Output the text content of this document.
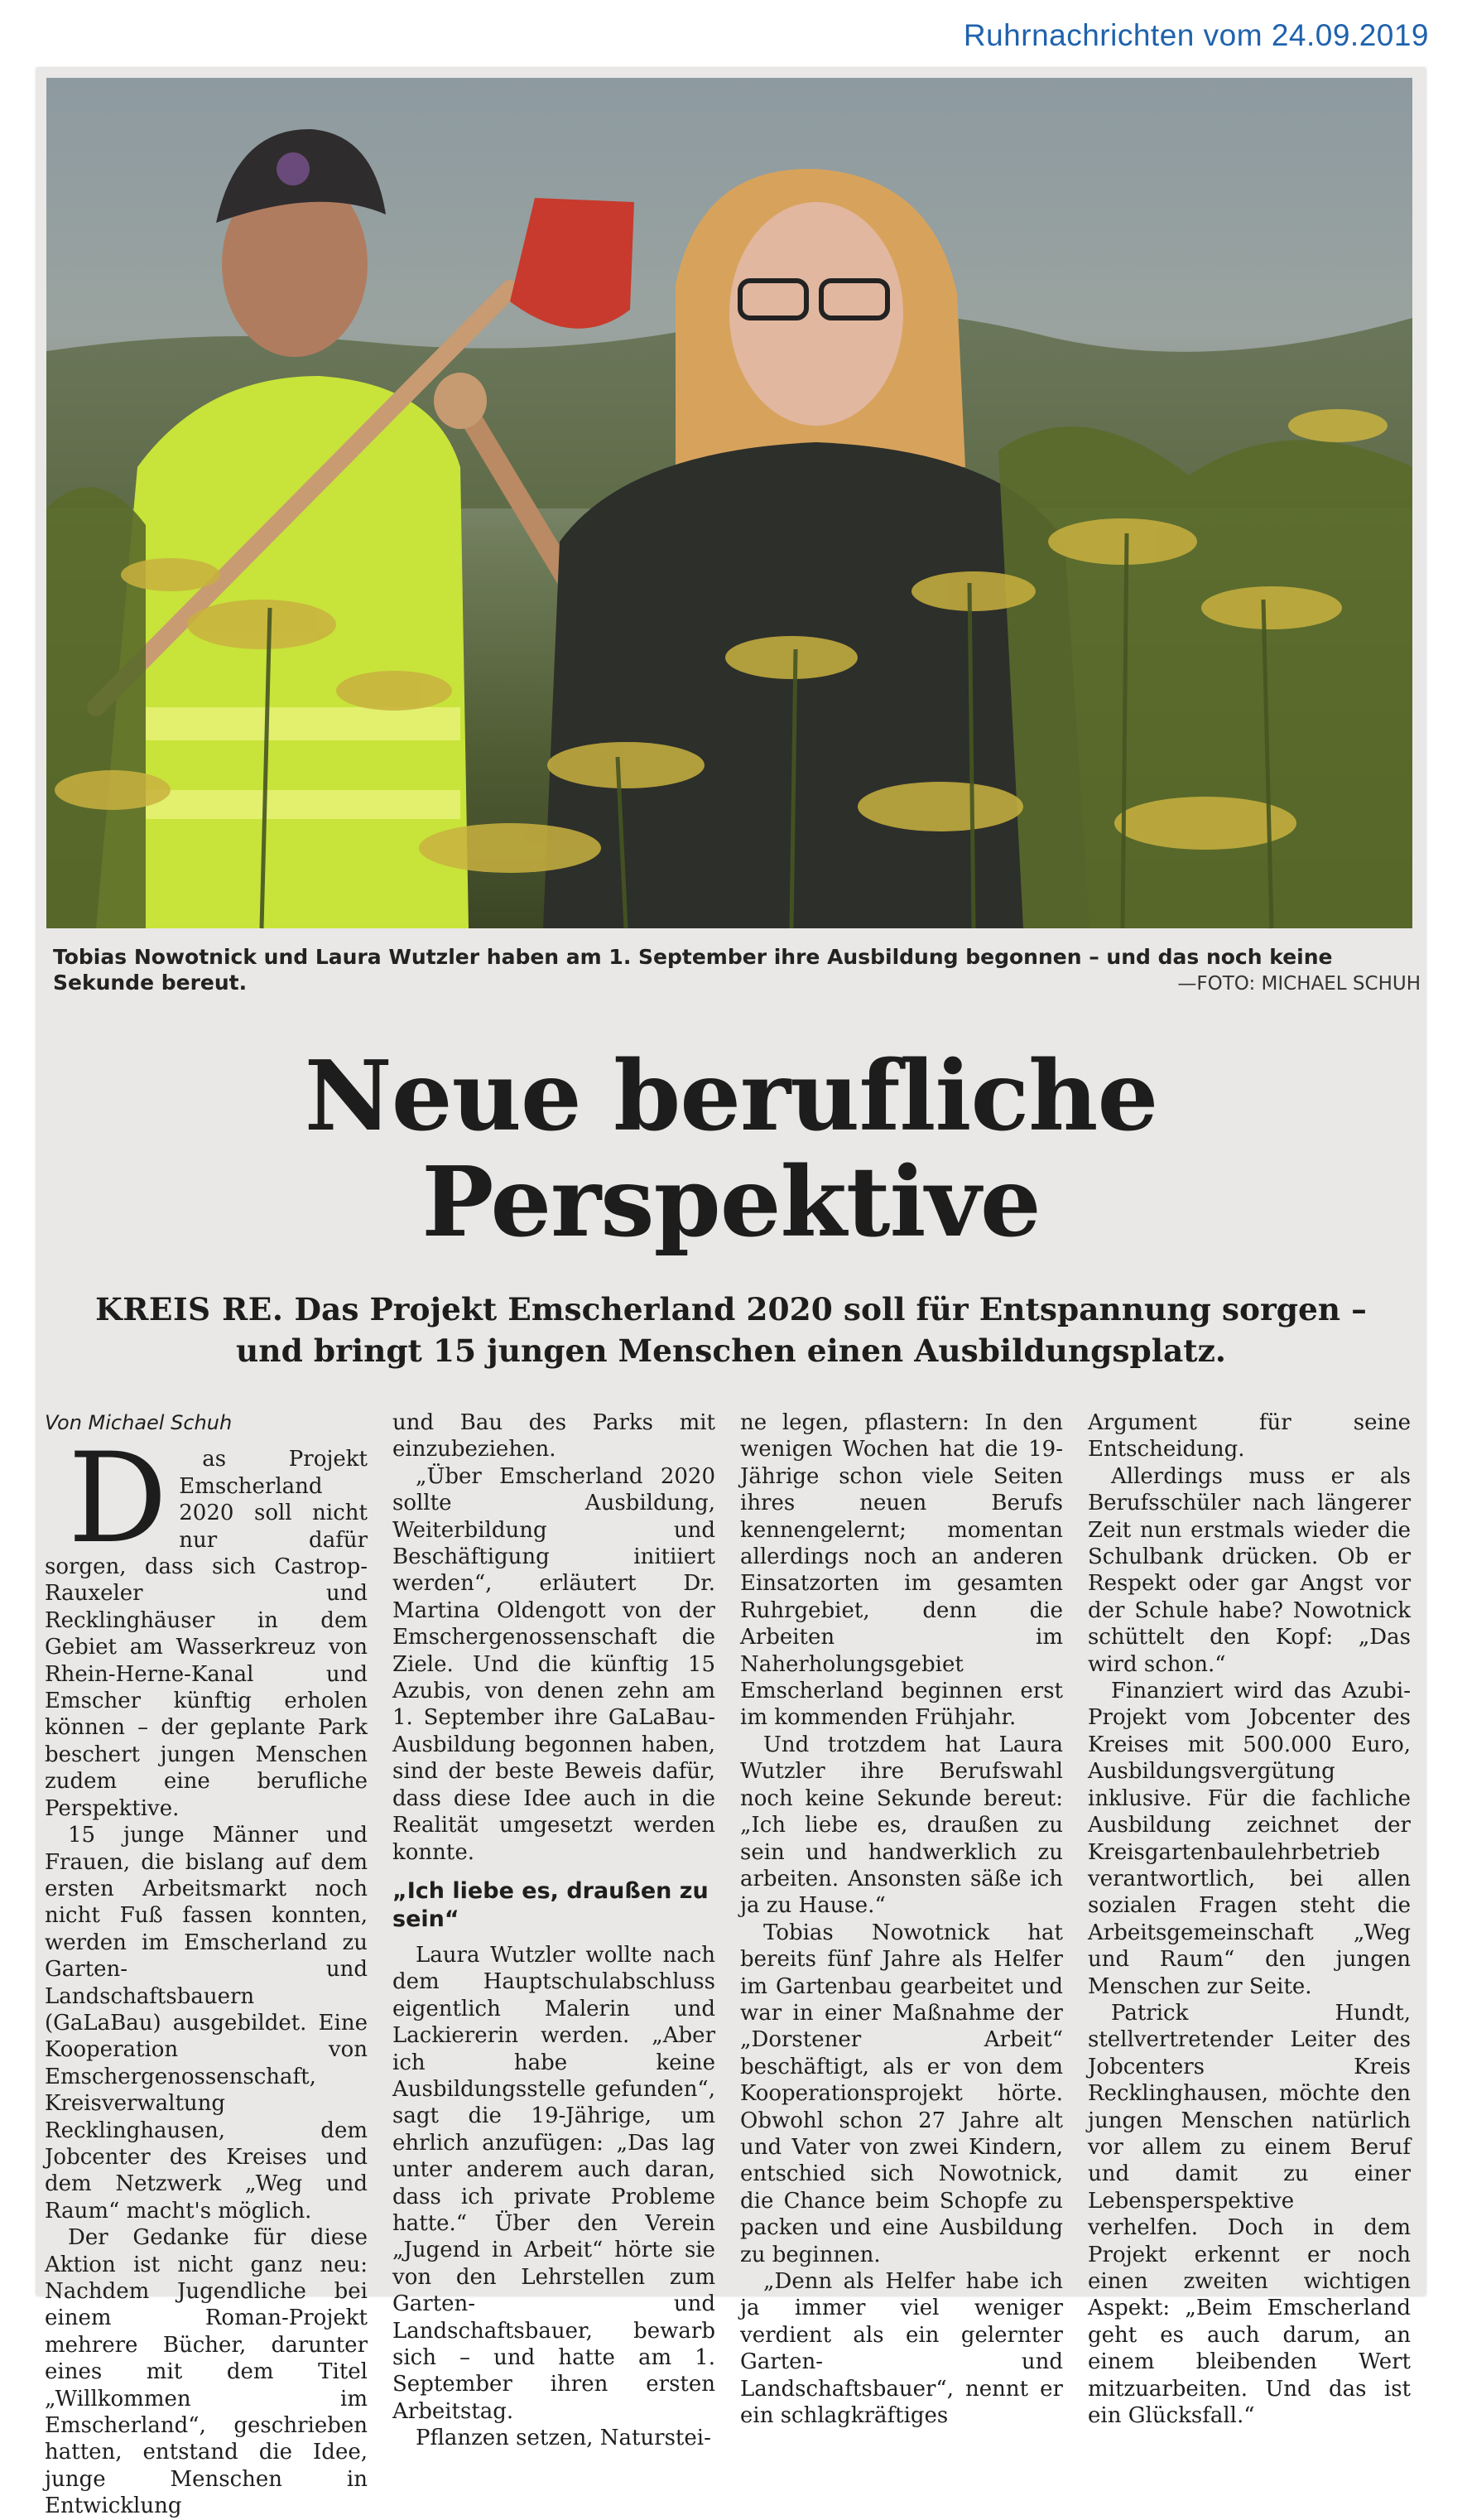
Ruhrnachrichten vom 24.09.2019
Tobias Nowotnick und Laura Wutzler haben am 1. September ihre Ausbildung begonnen – und das noch keine Sekunde bereut.	—FOTO: MICHAEL SCHUH
Neue berufliche
Perspektive
KREIS RE. Das Projekt Emscherland 2020 soll für Entspannung sorgen –
und bringt 15 jungen Menschen einen Ausbildungsplatz.

Von Michael Schuh

D as Projekt Emscherland 2020 soll nicht nur dafür sorgen, dass sich Castrop-Rauxeler und Recklinghäuser in dem Gebiet am Wasserkreuz von Rhein-Herne-Kanal und Emscher künftig erholen können – der geplante Park beschert jungen Menschen zudem eine berufliche Perspektive.

15 junge Männer und Frauen, die bislang auf dem ersten Arbeitsmarkt noch nicht Fuß fassen konnten, werden im Emscherland zu Garten- und Landschaftsbauern (GaLaBau) ausgebildet. Eine Kooperation von Emschergenossenschaft, Kreisverwaltung Recklinghausen, dem Jobcenter des Kreises und dem Netzwerk „Weg und Raum“ macht's möglich.

Der Gedanke für diese Aktion ist nicht ganz neu: Nachdem Jugendliche bei einem Roman-Projekt mehrere Bücher, darunter eines mit dem Titel „Willkommen im Emscherland“, geschrieben hatten, entstand die Idee, junge Menschen in Entwicklung

und Bau des Parks mit einzubeziehen.

„Über Emscherland 2020 sollte Ausbildung, Weiterbildung und Beschäftigung initiiert werden“, erläutert Dr. Martina Oldengott von der Emschergenossenschaft die Ziele. Und die künftig 15 Azubis, von denen zehn am 1. September ihre GaLaBau-Ausbildung begonnen haben, sind der beste Beweis dafür, dass diese Idee auch in die Realität umgesetzt werden konnte.

„Ich liebe es, draußen zu sein“

Laura Wutzler wollte nach dem Hauptschulabschluss eigentlich Malerin und Lackiererin werden. „Aber ich habe keine Ausbildungsstelle gefunden“, sagt die 19-Jährige, um ehrlich anzufügen: „Das lag unter anderem auch daran, dass ich private Probleme hatte.“ Über den Verein „Jugend in Arbeit“ hörte sie von den Lehrstellen zum Garten- und Landschaftsbauer, bewarb sich – und hatte am 1. September ihren ersten Arbeitstag.

Pflanzen setzen, Naturstei-

ne legen, pflastern: In den wenigen Wochen hat die 19-Jährige schon viele Seiten ihres neuen Berufs kennengelernt; momentan allerdings noch an anderen Einsatzorten im gesamten Ruhrgebiet, denn die Arbeiten im Naherholungsgebiet Emscherland beginnen erst im kommenden Frühjahr.

Und trotzdem hat Laura Wutzler ihre Berufswahl noch keine Sekunde bereut: „Ich liebe es, draußen zu sein und handwerklich zu arbeiten. Ansonsten säße ich ja zu Hause.“

Tobias Nowotnick hat bereits fünf Jahre als Helfer im Gartenbau gearbeitet und war in einer Maßnahme der „Dorstener Arbeit“ beschäftigt, als er von dem Kooperationsprojekt hörte. Obwohl schon 27 Jahre alt und Vater von zwei Kindern, entschied sich Nowotnick, die Chance beim Schopfe zu packen und eine Ausbildung zu beginnen.

„Denn als Helfer habe ich ja immer viel weniger verdient als ein gelernter Garten- und Landschaftsbauer“, nennt er ein schlagkräftiges

Argument für seine Entscheidung.

Allerdings muss er als Berufsschüler nach längerer Zeit nun erstmals wieder die Schulbank drücken. Ob er Respekt oder gar Angst vor der Schule habe? Nowotnick schüttelt den Kopf: „Das wird schon.“

Finanziert wird das Azubi-Projekt vom Jobcenter des Kreises mit 500.000 Euro, Ausbildungsvergütung inklusive. Für die fachliche Ausbildung zeichnet der Kreisgartenbaulehrbetrieb verantwortlich, bei allen sozialen Fragen steht die Arbeitsgemeinschaft „Weg und Raum“ den jungen Menschen zur Seite.

Patrick Hundt, stellvertretender Leiter des Jobcenters Kreis Recklinghausen, möchte den jungen Menschen natürlich vor allem zu einem Beruf und damit zu einer Lebensperspektive verhelfen. Doch in dem Projekt erkennt er noch einen zweiten wichtigen Aspekt: „Beim Emscherland geht es auch darum, an einem bleibenden Wert mitzuarbeiten. Und das ist ein Glücksfall.“
